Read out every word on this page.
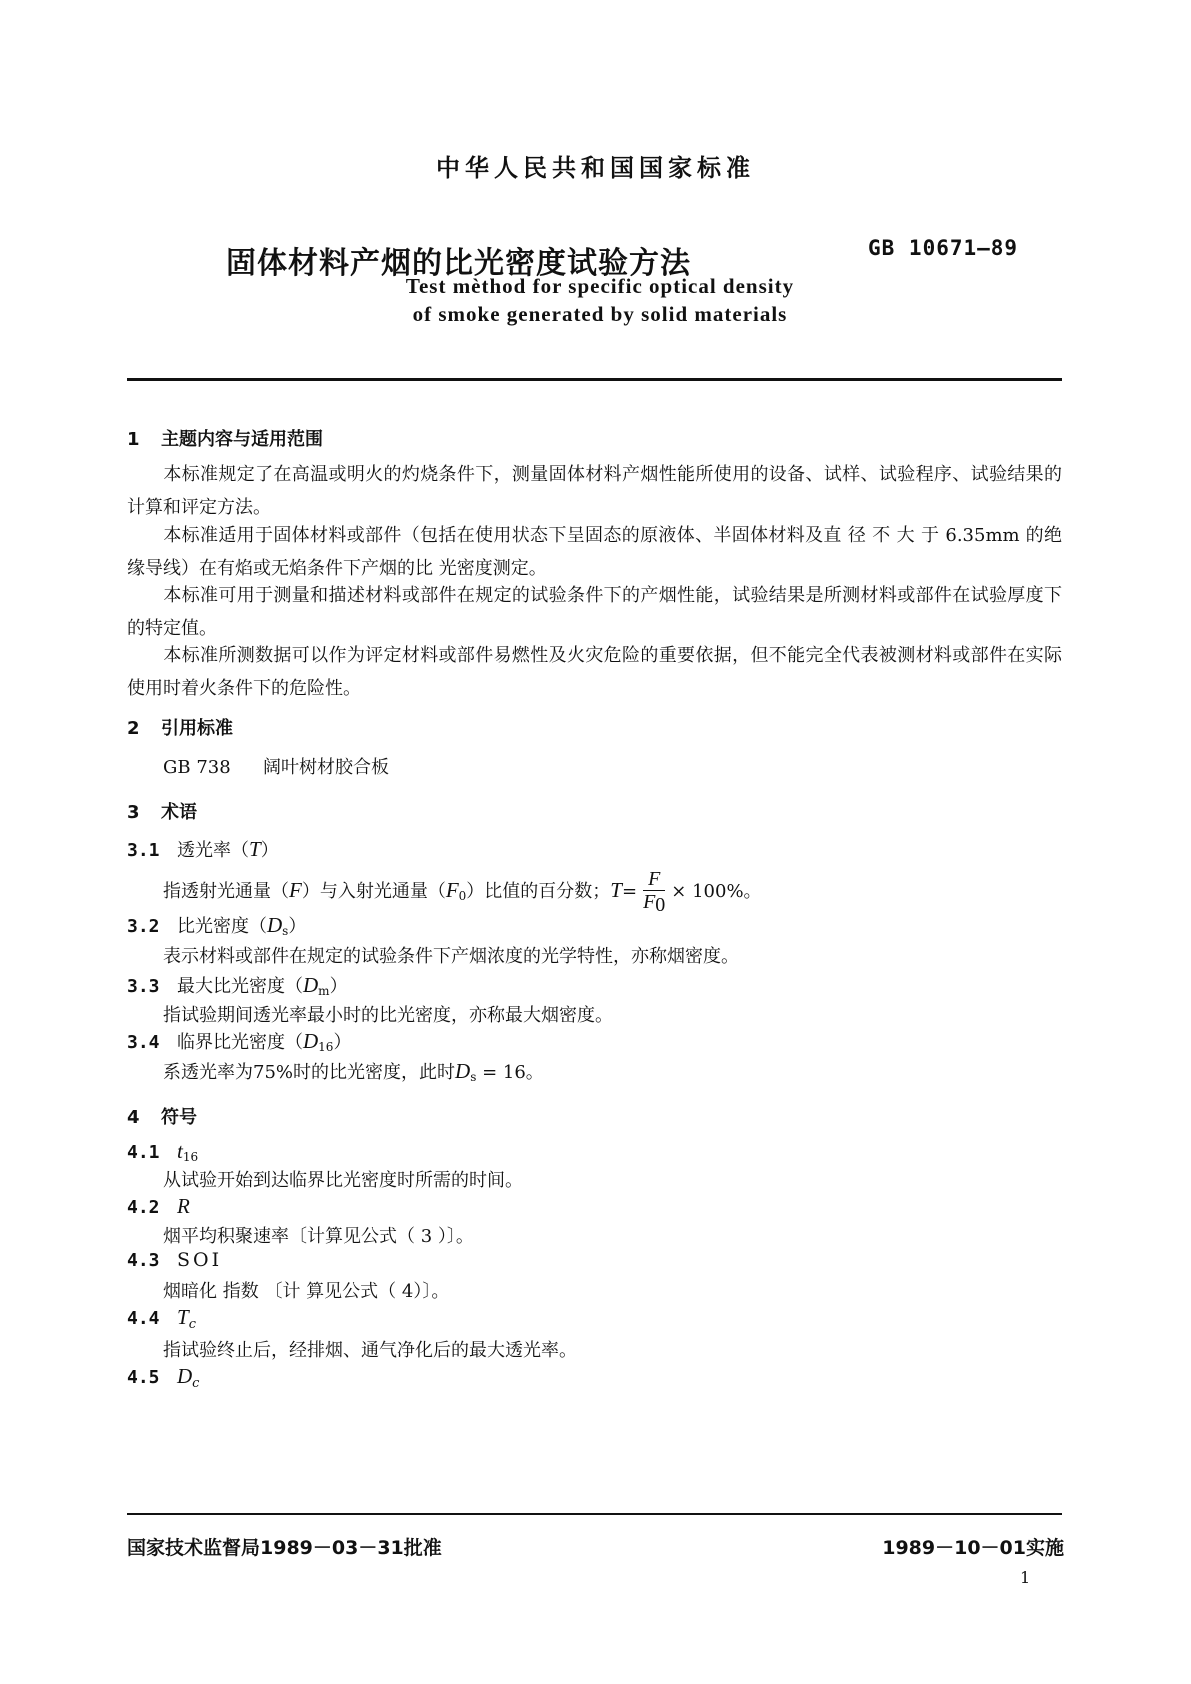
中华人民共和国国家标准
固体材料产烟的比光密度试验方法	GB 10671—89
Test mèthod for specific optical density
of smoke generated by solid materials
1 主题内容与适用范围
本标准规定了在高温或明火的灼烧条件下，测量固体材料产烟性能所使用的设备、试样、试验程序、试验结果的计算和评定方法。
本标准适用于固体材料或部件（包括在使用状态下呈固态的原液体、半固体材料及直 径 不 大 于 6.35mm 的绝缘导线）在有焰或无焰条件下产烟的比 光密度测定。
本标准可用于测量和描述材料或部件在规定的试验条件下的产烟性能，试验结果是所测材料或部件在试验厚度下的特定值。
本标准所测数据可以作为评定材料或部件易燃性及火灾危险的重要依据，但不能完全代表被测材料或部件在实际使用时着火条件下的危险性。
2 引用标准
GB 738 阔叶树材胶合板
3 术语
3.1 透光率（T）
指透射光通量（F）与入射光通量（F0）比值的百分数；$T= \frac{F}{F0} \times 100\%$。
3.2 比光密度（Ds）
表示材料或部件在规定的试验条件下产烟浓度的光学特性，亦称烟密度。
3.3 最大比光密度（Dm）
指试验期间透光率最小时的比光密度，亦称最大烟密度。
3.4 临界比光密度（D16）
系透光率为75%时的比光密度，此时Ds = 16。
4 符号
4.1 t16
从试验开始到达临界比光密度时所需的时间。
4.2 R
烟平均积聚速率〔计算见公式（ 3 ）〕。
4.3 SOI
烟暗化 指数 〔计 算见公式（ 4）〕。
4.4 $T_c$
指试验终止后，经排烟、通气净化后的最大透光率。
4.5 $D_c$
国家技术监督局1989－03－31批准	1989－10－01实施
1
